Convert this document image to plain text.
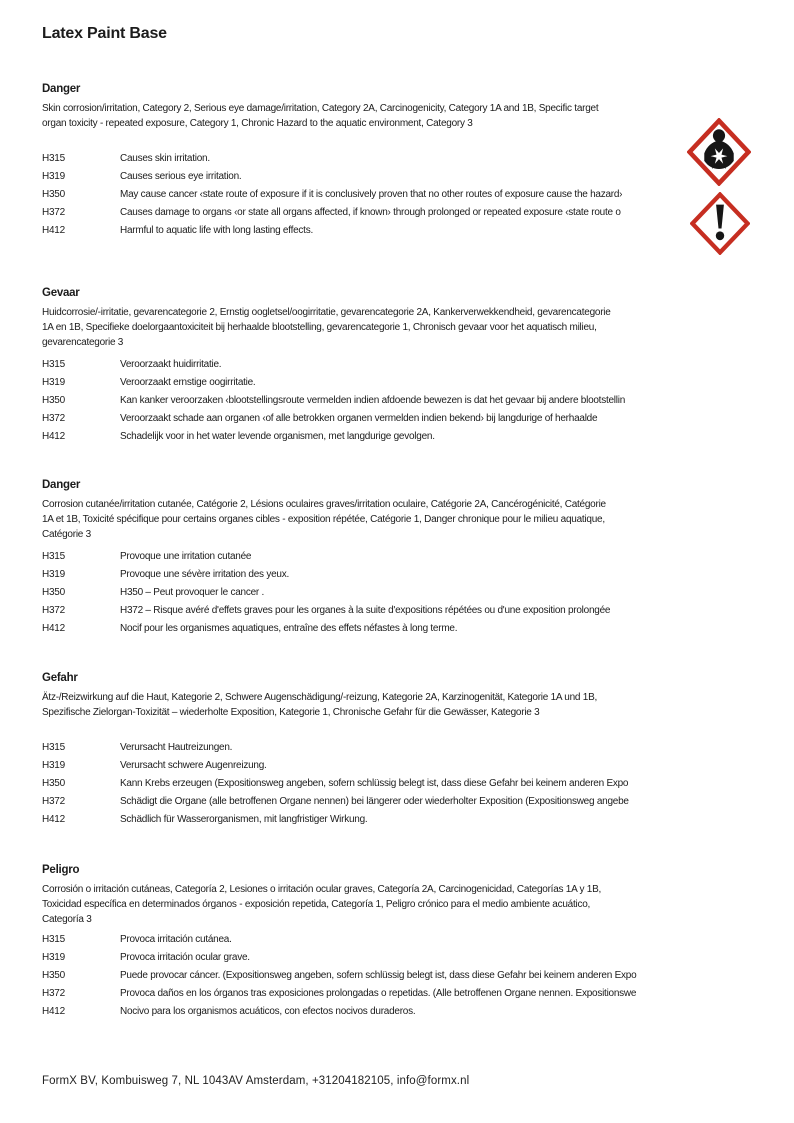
Latex Paint Base
Danger
Skin corrosion/irritation, Category 2, Serious eye damage/irritation, Category 2A, Carcinogenicity, Category 1A and 1B, Specific target
organ toxicity - repeated exposure, Category 1, Chronic Hazard to the aquatic environment, Category 3
H315	Causes skin irritation.
H319	Causes serious eye irritation.
H350	May cause cancer ‹state route of exposure if it is conclusively proven that no other routes of exposure cause the hazard›
H372	Causes damage to organs ‹or state all organs affected, if known› through prolonged or repeated exposure ‹state route o
H412	Harmful to aquatic life with long lasting effects.
Gevaar
Huidcorrosie/-irritatie, gevarencategorie 2, Ernstig oogletsel/oogirritatie, gevarencategorie 2A, Kankerverwekkendheid, gevarencategorie
1A en 1B, Specifieke doelorgaantoxiciteit bij herhaalde blootstelling, gevarencategorie 1, Chronisch gevaar voor het aquatisch milieu,
gevarencategorie 3
H315	Veroorzaakt huidirritatie.
H319	Veroorzaakt ernstige oogirritatie.
H350	Kan kanker veroorzaken ‹blootstellingsroute vermelden indien afdoende bewezen is dat het gevaar bij andere blootstellin
H372	Veroorzaakt schade aan organen ‹of alle betrokken organen vermelden indien bekend› bij langdurige of herhaalde
H412	Schadelijk voor in het water levende organismen, met langdurige gevolgen.
Danger
Corrosion cutanée/irritation cutanée, Catégorie 2, Lésions oculaires graves/irritation oculaire, Catégorie 2A, Cancérogénicité, Catégorie
1A et 1B, Toxicité spécifique pour certains organes cibles - exposition répétée, Catégorie 1, Danger chronique pour le milieu aquatique,
Catégorie 3
H315	Provoque une irritation cutanée
H319	Provoque une sévère irritation des yeux.
H350	H350 – Peut provoquer le cancer .
H372	H372 – Risque avéré d'effets graves pour les organes à la suite d'expositions répétées ou d'une exposition prolongée
H412	Nocif pour les organismes aquatiques, entraîne des effets néfastes à long terme.
Gefahr
Ätz-/Reizwirkung auf die Haut, Kategorie 2, Schwere Augenschädigung/-reizung, Kategorie 2A, Karzinogenität, Kategorie 1A und 1B,
Spezifische Zielorgan-Toxizität – wiederholte Exposition, Kategorie 1, Chronische Gefahr für die Gewässer, Kategorie 3
H315	Verursacht Hautreizungen.
H319	Verursacht schwere Augenreizung.
H350	Kann Krebs erzeugen (Expositionsweg angeben, sofern schlüssig belegt ist, dass diese Gefahr bei keinem anderen Expo
H372	Schädigt die Organe (alle betroffenen Organe nennen) bei längerer oder wiederholter Exposition (Expositionsweg angebe
H412	Schädlich für Wasserorganismen, mit langfristiger Wirkung.
Peligro
Corrosión o irritación cutáneas, Categoría 2, Lesiones o irritación ocular graves, Categoría 2A, Carcinogenicidad, Categorías 1A y 1B,
Toxicidad específica en determinados órganos - exposición repetida, Categoría 1, Peligro crónico para el medio ambiente acuático,
Categoría 3
H315	Provoca irritación cutánea.
H319	Provoca irritación ocular grave.
H350	Puede provocar cáncer. (Expositionsweg angeben, sofern schlüssig belegt ist, dass diese Gefahr bei keinem anderen Expo
H372	Provoca daños en los órganos tras exposiciones prolongadas o repetidas. (Alle betroffenen Organe nennen. Expositionswe
H412	Nocivo para los organismos acuáticos, con efectos nocivos duraderos.
FormX BV, Kombuisweg 7, NL 1043AV Amsterdam, +31204182105, info@formx.nl
